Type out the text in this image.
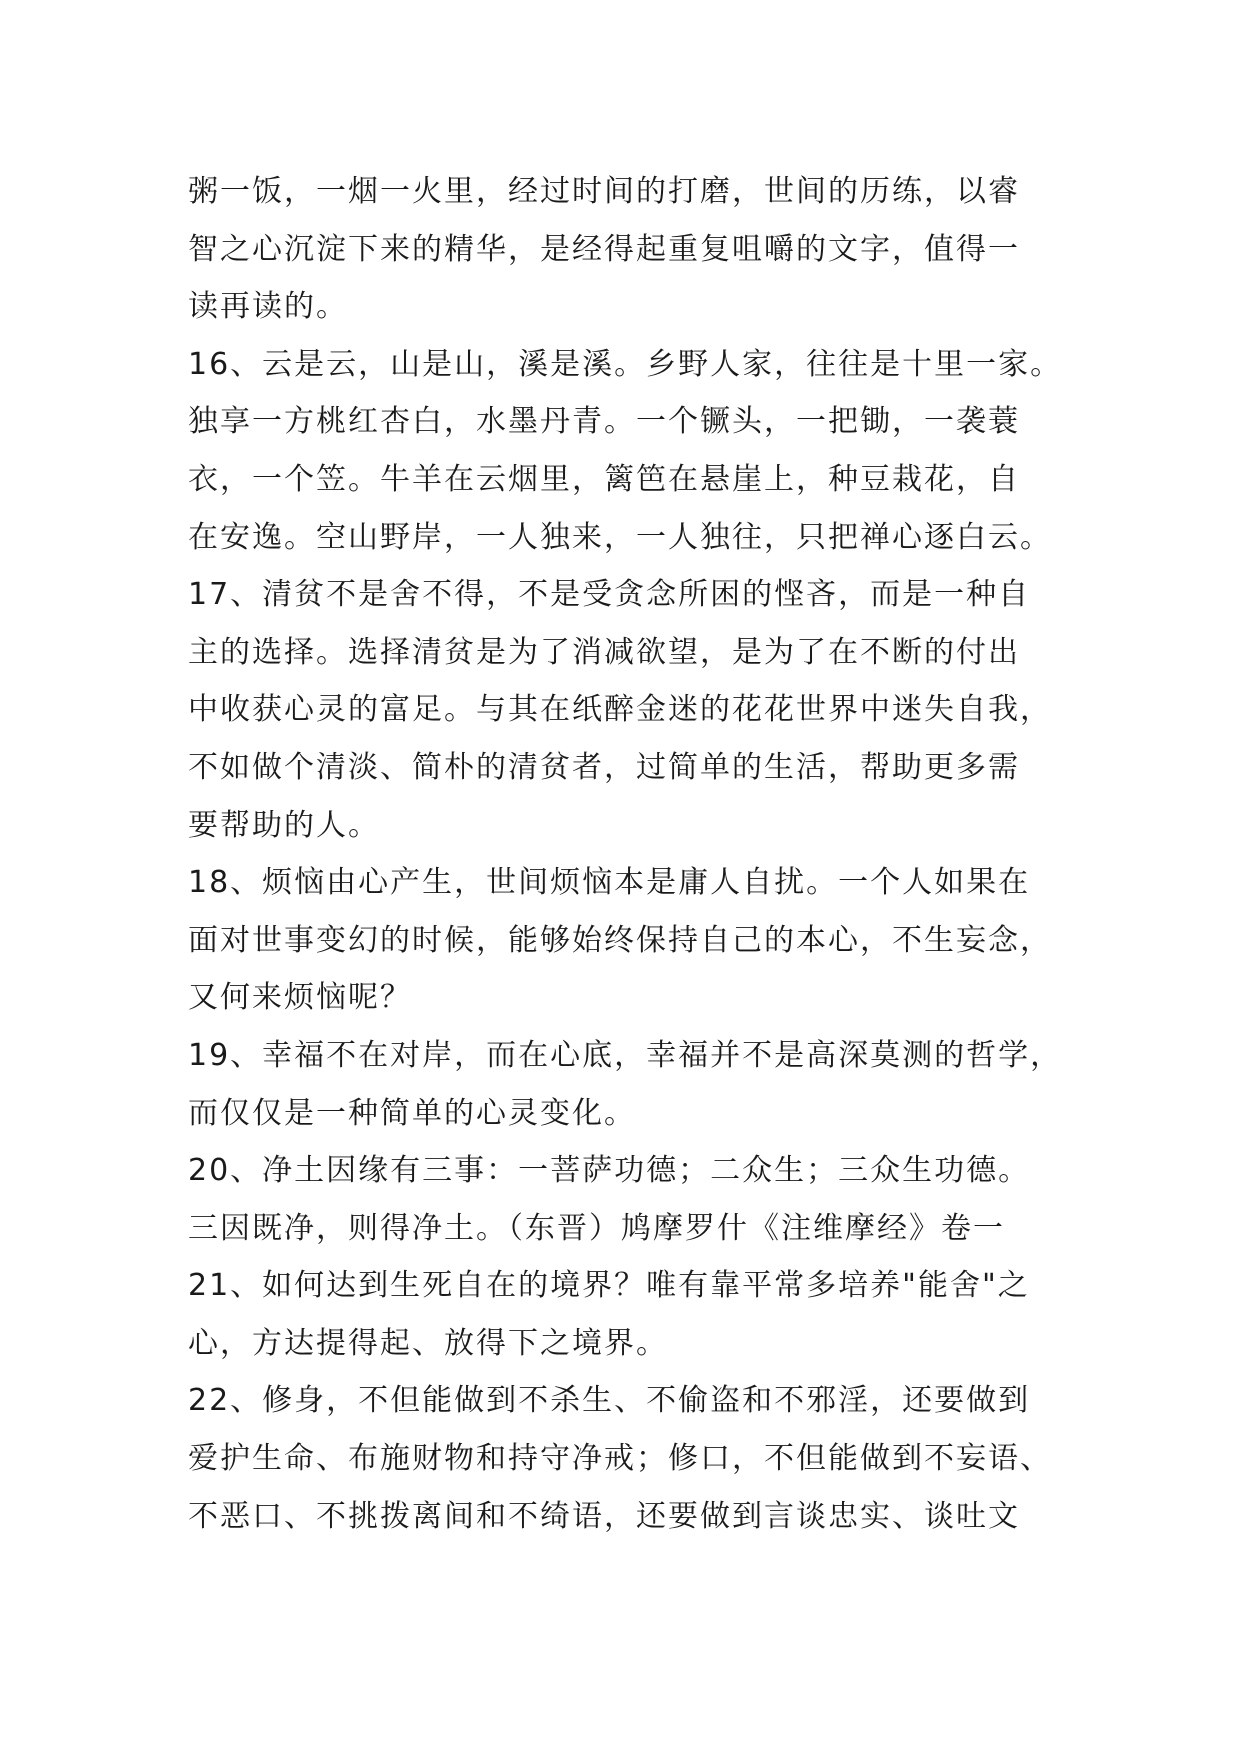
粥一饭，一烟一火里，经过时间的打磨，世间的历练，以睿
智之心沉淀下来的精华，是经得起重复咀嚼的文字，值得一
读再读的。
16、云是云，山是山，溪是溪。乡野人家，往往是十里一家。
独享一方桃红杏白，水墨丹青。一个镢头，一把锄，一袭蓑
衣，一个笠。牛羊在云烟里，篱笆在悬崖上，种豆栽花，自
在安逸。空山野岸，一人独来，一人独往，只把禅心逐白云。
17、清贫不是舍不得，不是受贪念所困的悭吝，而是一种自
主的选择。选择清贫是为了消减欲望，是为了在不断的付出
中收获心灵的富足。与其在纸醉金迷的花花世界中迷失自我，
不如做个清淡、简朴的清贫者，过简单的生活，帮助更多需
要帮助的人。
18、烦恼由心产生，世间烦恼本是庸人自扰。一个人如果在
面对世事变幻的时候，能够始终保持自己的本心，不生妄念，
又何来烦恼呢？
19、幸福不在对岸，而在心底，幸福并不是高深莫测的哲学，
而仅仅是一种简单的心灵变化。
20、净土因缘有三事：一菩萨功德；二众生；三众生功德。
三因既净，则得净土。（东晋）鸠摩罗什《注维摩经》卷一
21、如何达到生死自在的境界？唯有靠平常多培养"能舍"之
心，方达提得起、放得下之境界。
22、修身，不但能做到不杀生、不偷盗和不邪淫，还要做到
爱护生命、布施财物和持守净戒；修口，不但能做到不妄语、
不恶口、不挑拨离间和不绮语，还要做到言谈忠实、谈吐文
